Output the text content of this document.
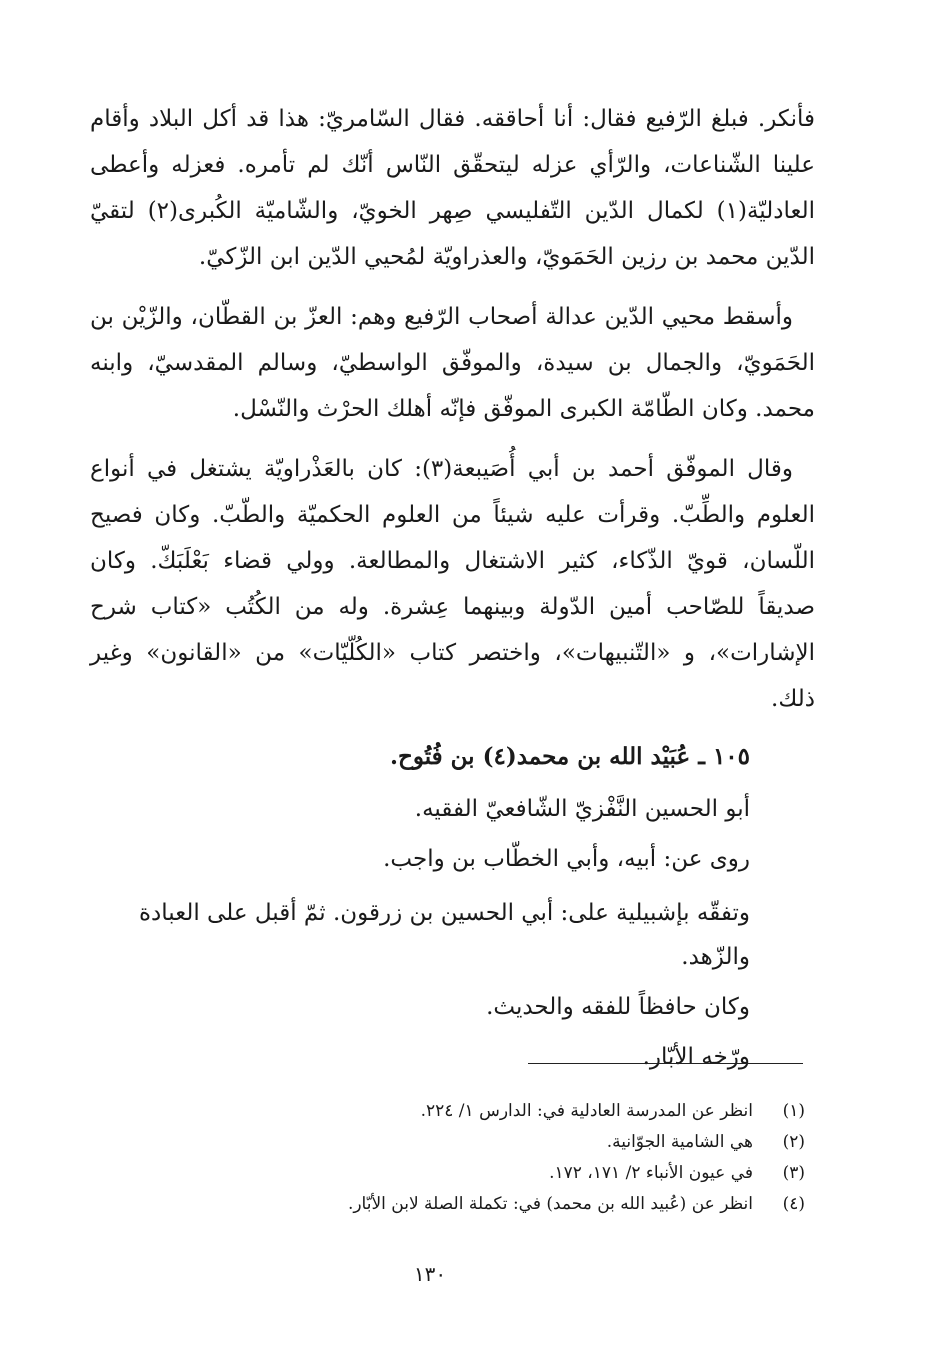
فأنكر. فبلغ الرّفيع فقال: أنا أحاققه. فقال السّامريّ: هذا قد أكل البلاد وأقام علينا الشّناعات، والرّأي عزله ليتحقّق النّاس أنّك لم تأمره. فعزله وأعطى العادليّة(١) لكمال الدّين التّفليسي صِهر الخويّ، والشّاميّة الكُبرى(٢) لتقيّ الدّين محمد بن رزين الحَمَويّ، والعذراويّة لمُحيي الدّين ابن الزّكيّ.

وأسقط محيي الدّين عدالة أصحاب الرّفيع وهم: العزّ بن القطّان، والزّيْن بن الحَمَويّ، والجمال بن سيدة، والموفّق الواسطيّ، وسالم المقدسيّ، وابنه محمد. وكان الطّامّة الكبرى الموفّق فإنّه أهلك الحرْث والنّسْل.

وقال الموفّق أحمد بن أبي أُصَيبعة(٣): كان بالعَذْراويّة يشتغل في أنواع العلوم والطِّبّ. وقرأت عليه شيئاً من العلوم الحكميّة والطّبّ. وكان فصيح اللّسان، قويّ الذّكاء، كثير الاشتغال والمطالعة. وولي قضاء بَعْلَبَكّ. وكان صديقاً للصّاحب أمين الدّولة وبينهما عِشرة. وله من الكُتُب «كتاب شرح الإشارات»، و «التّنبيهات»، واختصر كتاب «الكُلّيّات» من «القانون» وغير ذلك.

١٠٥ ـ عُبَيْد الله بن محمد(٤) بن فُتُوح.
أبو الحسين النَّفْزيّ الشّافعيّ الفقيه.
روى عن: أبيه، وأبي الخطّاب بن واجب.
وتفقّه بإشبيلية على: أبي الحسين بن زرقون. ثمّ أقبل على العبادة والزّهد.
وكان حافظاً للفقه والحديث.
ورّخه الأبّار.
(١)
انظر عن المدرسة العادلية في: الدارس ١/ ٢٢٤.
(٢)
هي الشامية الجوّانية.
(٣)
في عيون الأنباء ٢/ ١٧١، ١٧٢.
(٤)
انظر عن (عُبيد الله بن محمد) في: تكملة الصلة لابن الأبّار.
١٣٠
